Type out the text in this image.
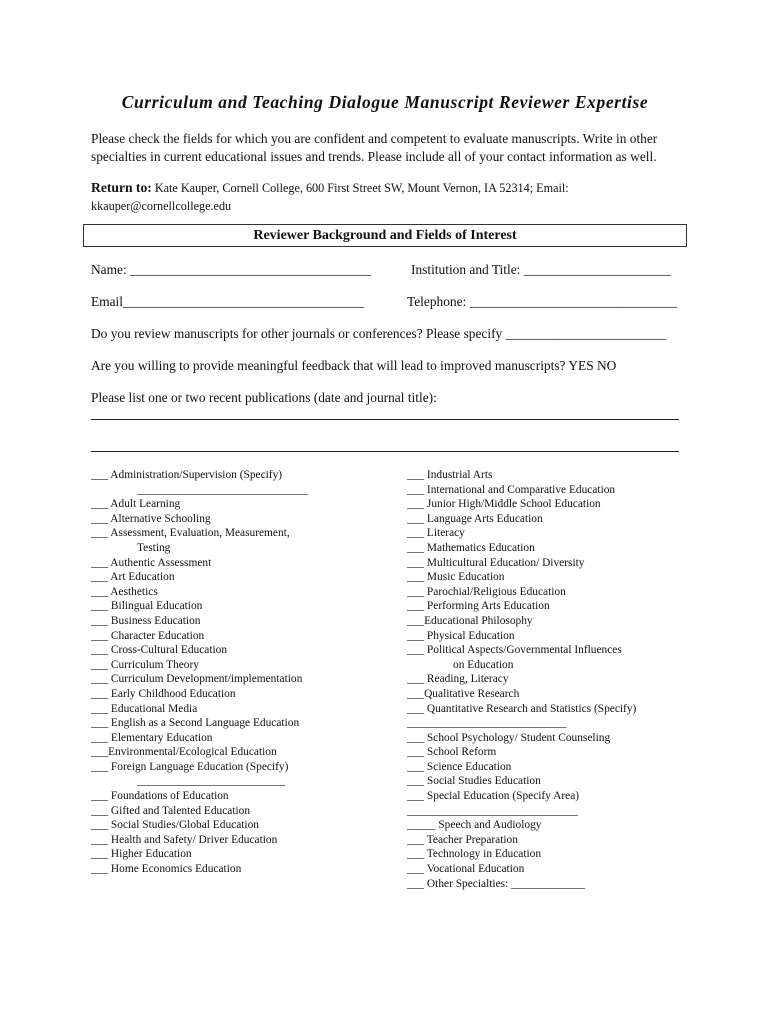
Curriculum and Teaching Dialogue Manuscript Reviewer Expertise
Please check the fields for which you are confident and competent to evaluate manuscripts. Write in other specialties in current educational issues and trends. Please include all of your contact information as well.
Return to: Kate Kauper, Cornell College, 600 First Street SW, Mount Vernon, IA 52314; Email:
kkauper@cornellcollege.edu
Reviewer Background and Fields of Interest
Name: ____________________________________	Institution and Title: ______________________
Email____________________________________	Telephone: _______________________________
Do you review manuscripts for other journals or conferences? Please specify ________________________
Are you willing to provide meaningful feedback that will lead to improved manuscripts? YES NO
Please list one or two recent publications (date and journal title):
___ Administration/Supervision (Specify)
______________________________
___ Adult Learning
___ Alternative Schooling
___ Assessment, Evaluation, Measurement,
Testing
___ Authentic Assessment
___ Art Education
___ Aesthetics
___ Bilingual Education
___ Business Education
___ Character Education
___ Cross-Cultural Education
___ Curriculum Theory
___ Curriculum Development/implementation
___ Early Childhood Education
___ Educational Media
___ English as a Second Language Education
___ Elementary Education
___Environmental/Ecological Education
___ Foreign Language Education (Specify)
__________________________
___ Foundations of Education
___ Gifted and Talented Education
___ Social Studies/Global Education
___ Health and Safety/ Driver Education
___ Higher Education
___ Home Economics Education
___ Industrial Arts
___ International and Comparative Education
___ Junior High/Middle School Education
___ Language Arts Education
___ Literacy
___ Mathematics Education
___ Multicultural Education/ Diversity
___ Music Education
___ Parochial/Religious Education
___ Performing Arts Education
___Educational Philosophy
___ Physical Education
___ Political Aspects/Governmental Influences
on Education
___ Reading, Literacy
___Qualitative Research
___ Quantitative Research and Statistics (Specify)
____________________________
___ School Psychology/ Student Counseling
___ School Reform
___ Science Education
___ Social Studies Education
___ Special Education (Specify Area)
______________________________
_____ Speech and Audiology
___ Teacher Preparation
___ Technology in Education
___ Vocational Education
___ Other Specialties: _____________
